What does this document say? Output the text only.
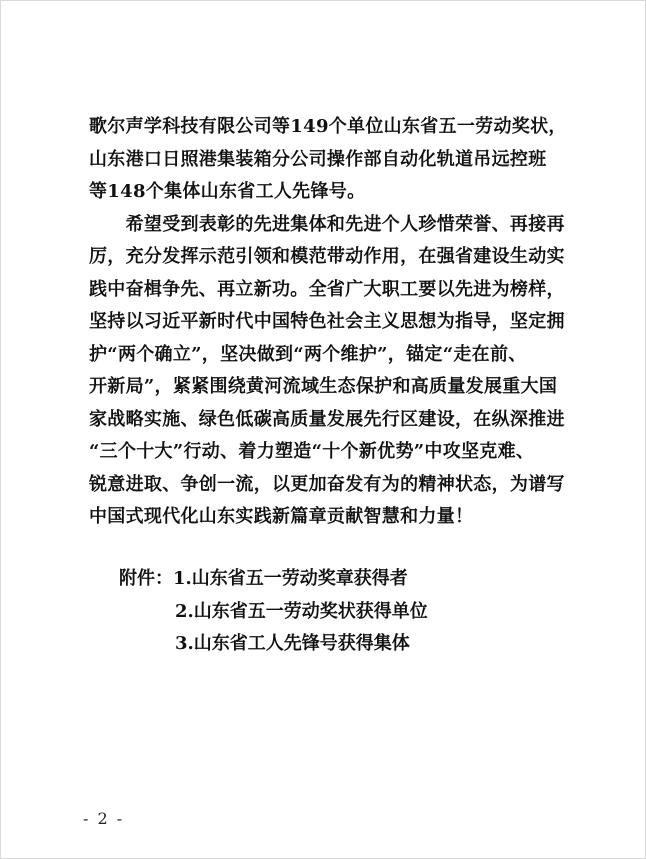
歌尔声学科技有限公司等149个单位山东省五一劳动奖状，
山东港口日照港集装箱分公司操作部自动化轨道吊远控班
等148个集体山东省工人先锋号。
　　希望受到表彰的先进集体和先进个人珍惜荣誉、再接再
厉，充分发挥示范引领和模范带动作用，在强省建设生动实
践中奋楫争先、再立新功。全省广大职工要以先进为榜样，
坚持以习近平新时代中国特色社会主义思想为指导，坚定拥
护“两个确立”，坚决做到“两个维护”，锚定“走在前、
开新局”，紧紧围绕黄河流域生态保护和高质量发展重大国
家战略实施、绿色低碳高质量发展先行区建设，在纵深推进
“三个十大”行动、着力塑造“十个新优势”中攻坚克难、
锐意进取、争创一流，以更加奋发有为的精神状态，为谱写
中国式现代化山东实践新篇章贡献智慧和力量！
附件：1.山东省五一劳动奖章获得者
2.山东省五一劳动奖状获得单位
3.山东省工人先锋号获得集体
- 2 -
